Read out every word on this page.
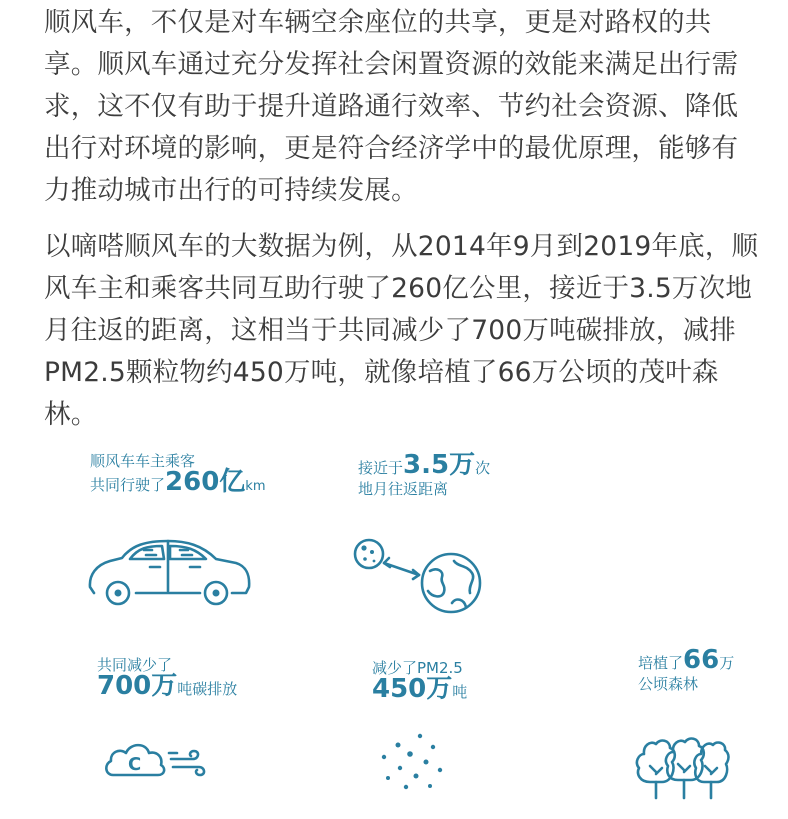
顺风车，不仅是对车辆空余座位的共享，更是对路权的共享。顺风车通过充分发挥社会闲置资源的效能来满足出行需求，这不仅有助于提升道路通行效率、节约社会资源、降低出行对环境的影响，更是符合经济学中的最优原理，能够有力推动城市出行的可持续发展。

以嘀嗒顺风车的大数据为例，从2014年9月到2019年底，顺风车主和乘客共同互助行驶了260亿公里，接近于3.5万次地月往返的距离，这相当于共同减少了700万吨碳排放，减排PM2.5颗粒物约450万吨，就像培植了66万公顷的茂叶森林。

顺风车车主乘客
共同行驶了260亿km
接近于3.5万次
地月往返距离
共同减少了
700万吨碳排放
减少了PM2.5
450万吨
培植了66万
公顷森林
C
